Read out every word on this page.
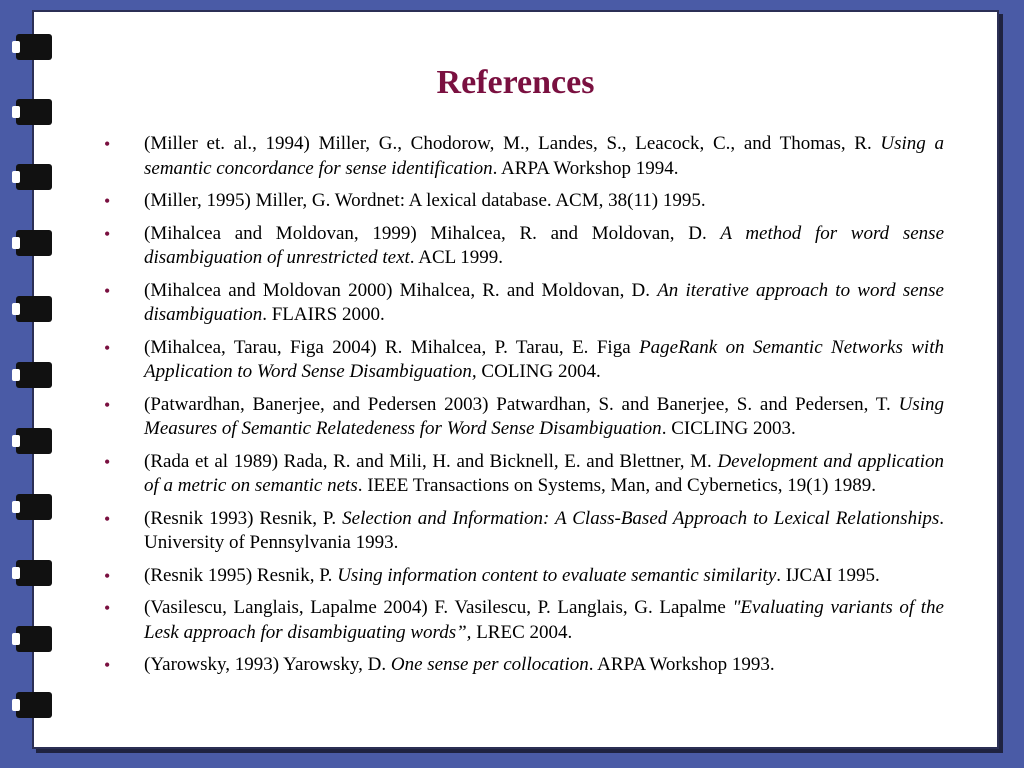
References
• (Miller et. al., 1994) Miller, G., Chodorow, M., Landes, S., Leacock, C., and Thomas, R. Using a semantic concordance for sense identification. ARPA Workshop 1994.
• (Miller, 1995) Miller, G. Wordnet: A lexical database. ACM, 38(11) 1995.
• (Mihalcea and Moldovan, 1999) Mihalcea, R. and Moldovan, D. A method for word sense disambiguation of unrestricted text. ACL 1999.
• (Mihalcea and Moldovan 2000) Mihalcea, R. and Moldovan, D. An iterative approach to word sense disambiguation. FLAIRS 2000.
• (Mihalcea, Tarau, Figa 2004) R. Mihalcea, P. Tarau, E. Figa PageRank on Semantic Networks with Application to Word Sense Disambiguation, COLING 2004.
• (Patwardhan, Banerjee, and Pedersen 2003) Patwardhan, S. and Banerjee, S. and Pedersen, T. Using Measures of Semantic Relatedeness for Word Sense Disambiguation. CICLING 2003.
• (Rada et al 1989) Rada, R. and Mili, H. and Bicknell, E. and Blettner, M. Development and application of a metric on semantic nets. IEEE Transactions on Systems, Man, and Cybernetics, 19(1) 1989.
• (Resnik 1993) Resnik, P. Selection and Information: A Class-Based Approach to Lexical Relationships. University of Pennsylvania 1993.
• (Resnik 1995) Resnik, P. Using information content to evaluate semantic similarity. IJCAI 1995.
• (Vasilescu, Langlais, Lapalme 2004) F. Vasilescu, P. Langlais, G. Lapalme "Evaluating variants of the Lesk approach for disambiguating words”, LREC 2004.
• (Yarowsky, 1993) Yarowsky, D. One sense per collocation. ARPA Workshop 1993.
